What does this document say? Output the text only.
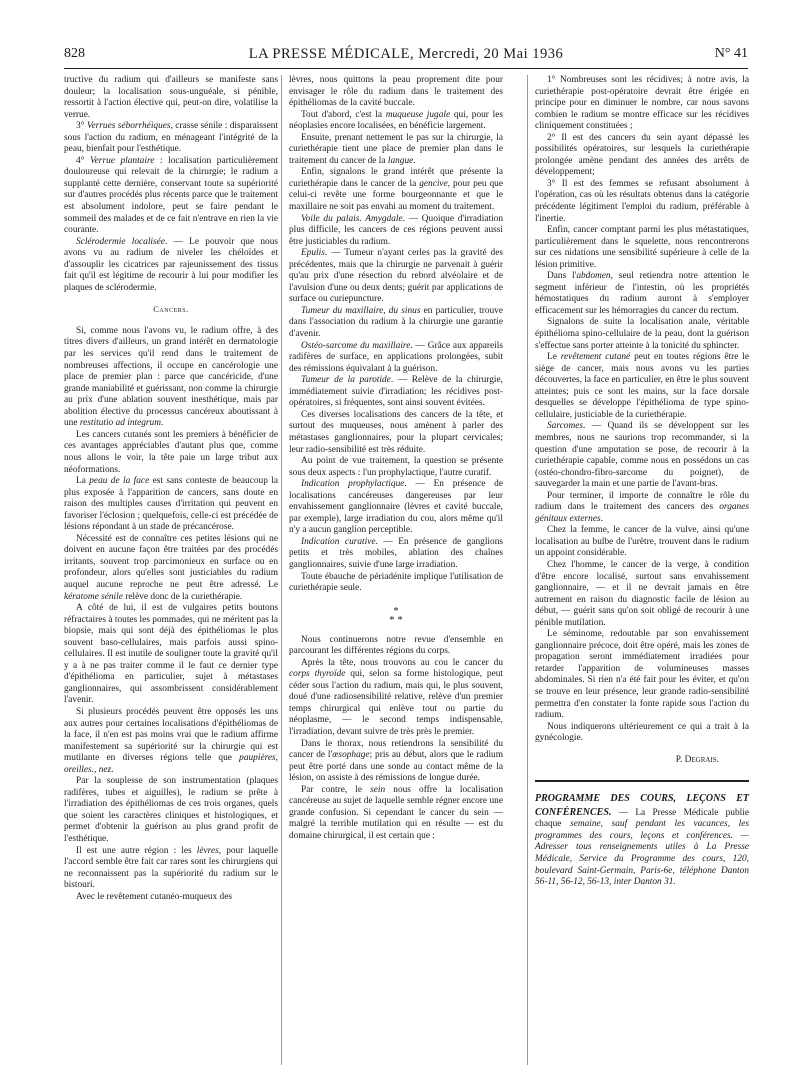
828	LA PRESSE MÉDICALE, Mercredi, 20 Mai 1936	N° 41

tructive du radium qui d'ailleurs se manifeste sans douleur; la localisation sous-unguéale, si pénible, ressortit à l'action élective qui, peut-on dire, volatilise la verrue.

3° Verrues séborrhéiques, crasse sénile : disparaissent sous l'action du radium, en ménageant l'intégrité de la peau, bienfait pour l'esthétique.

4° Verrue plantaire : localisation particulièrement douloureuse qui relevait de la chirurgie; le radium a supplanté cette dernière, conservant toute sa supériorité sur d'autres procédés plus récents parce que le traitement est absolument indolore, peut se faire pendant le sommeil des malades et de ce fait n'entrave en rien la vie courante.

Sclérodermie localisée. — Le pouvoir que nous avons vu au radium de niveler les chéloïdes et d'assouplir les cicatrices par rajeunissement des tissus fait qu'il est légitime de recourir à lui pour modifier les plaques de sclérodermie.

Cancers.

Si, comme nous l'avons vu, le radium offre, à des titres divers d'ailleurs, un grand intérêt en dermatologie par les services qu'il rend dans le traitement de nombreuses affections, il occupe en cancérologie une place de premier plan : parce que cancéricide, d'une grande maniabilité et guérissant, non comme la chirurgie au prix d'une ablation souvent inesthétique, mais par abolition élective du processus cancéreux aboutissant à une restitutio ad integrum.

Les cancers cutanés sont les premiers à bénéficier de ces avantages appréciables d'autant plus que, comme nous allons le voir, la tête paie un large tribut aux néoformations.

La peau de la face est sans conteste de beaucoup la plus exposée à l'apparition de cancers, sans doute en raison des multiples causes d'irritation qui peuvent en favoriser l'éclosion ; quelquefois, celle-ci est précédée de lésions répondant à un stade de précancérose.

Nécessité est de connaître ces petites lésions qui ne doivent en aucune façon être traitées par des procédés irritants, souvent trop parcimonieux en surface ou en profondeur, alors qu'elles sont justiciables du radium auquel aucune reproche ne peut être adressé. Le kératome sénile relève donc de la curiethérapie.

A côté de lui, il est de vulgaires petits boutons réfractaires à toutes les pommades, qui ne méritent pas la biopsie, mais qui sont déjà des épithéliomas le plus souvent baso-cellulaires, mais parfois aussi spino-cellulaires. Il est inutile de souligner toute la gravité qu'il y a à ne pas traiter comme il le faut ce dernier type d'épithélioma en particulier, sujet à métastases ganglionnaires, qui assombrissent considérablement l'avenir.

Si plusieurs procédés peuvent être opposés les uns aux autres pour certaines localisations d'épithéliomas de la face, il n'en est pas moins vrai que le radium affirme manifestement sa supériorité sur la chirurgie qui est mutilante en diverses régions telle que paupières, oreilles., nez.

Par la souplesse de son instrumentation (plaques radifères, tubes et aiguilles), le radium se prête à l'irradiation des épithéliomas de ces trois organes, quels que soient les caractères cliniques et histologiques, et permet d'obtenir la guérison au plus grand profit de l'esthétique.

Il est une autre région : les lèvres, pour laquelle l'accord semble être fait car rares sont les chirurgiens qui ne reconnaissent pas la supériorité du radium sur le bistouri.

Avec le revêtement cutanéo-muqueux des

lèvres, nous quittons la peau proprement dite pour envisager le rôle du radium dans le traitement des épithéliomas de la cavité buccale.

Tout d'abord, c'est la muqueuse jugale qui, pour les néoplasies encore localisées, en bénéficie largement.

Ensuite, prenant nettement le pas sur la chirurgie, la curiethérapie tient une place de premier plan dans le traitement du cancer de la langue.

Enfin, signalons le grand intérêt que présente la curiethérapie dans le cancer de la gencive, pour peu que celui-ci revête une forme bourgeonnante et que le maxillaire ne soit pas envahi au moment du traitement.

Voile du palais. Amygdale. — Quoique d'irradiation plus difficile, les cancers de ces régions peuvent aussi être justiciables du radium.

Epulis. — Tumeur n'ayant cerles pas la gravité des précédentes, mais que la chirurgie ne parvenait à guérir qu'au prix d'une résection du rebord alvéolaire et de l'avulsion d'une ou deux dents; guérit par applications de surface ou curiepuncture.

Tumeur du maxillaire, du sinus en particulier, trouve dans l'association du radium à la chirurgie une garantie d'avenir.

Ostéo-sarcome du maxillaire. — Grâce aux appareils radifères de surface, en applications prolongées, subit des rémissions équivalant à la guérison.

Tumeur de la parotide. — Relève de la chirurgie, immédiatement suivie d'irradiation; les récidives post-opératoires, si fréquentes, sont ainsi souvent évitées.

Ces diverses localisations des cancers de la tête, et surtout des muqueuses, nous amènent à parler des métastases ganglionnaires, pour la plupart cervicales; leur radio-sensibilité est très réduite.

Au point de vue traitement, la question se présente sous deux aspects : l'un prophylactique, l'autre curatif.

Indication prophylactique. — En présence de localisations cancéreuses dangereuses par leur envahissement ganglionnaire (lèvres et cavité buccale, par exemple), large irradiation du cou, alors même qu'il n'y a aucun ganglion perceptible.

Indication curative. — En présence de ganglions petits et très mobiles, ablation des chaînes ganglionnaires, suivie d'une large irradiation.

Toute ébauche de périadénite implique l'utilisation de curiethérapie seule.

*
* *

Nous continuerons notre revue d'ensemble en parcourant les différentes régions du corps.

Après la tête, nous trouvons au cou le cancer du corps thyroïde qui, selon sa forme histologique, peut céder sous l'action du radium, mais qui, le plus souvent, doué d'une radiosensibilité relative, relève d'un premier temps chirurgical qui enlève tout ou partie du néoplasme, — le second temps indispensable, l'irradiation, devant suivre de très près le premier.

Dans le thorax, nous retiendrons la sensibilité du cancer de l'œsophage; pris au début, alors que le radium peut être porté dans une sonde au contact même de la lésion, on assiste à des rémissions de longue durée.

Par contre, le sein nous offre la localisation cancéreuse au sujet de laquelle semble régner encore une grande confusion. Si cependant le cancer du sein — malgré la terrible mutilation qui en résulte — est du domaine chirurgical, il est certain que :

1° Nombreuses sont les récidives; à notre avis, la curiethérapie post-opératoire devrait être érigée en principe pour en diminuer le nombre, car nous savons combien le radium se montre efficace sur les récidives cliniquement constituées ;

2° Il est des cancers du sein ayant dépassé les possibilités opératoires, sur lesquels la curiethérapie prolongée amène pendant des années des arrêts de développement;

3° Il est des femmes se refusant absolument à l'opération, cas où les résultats obtenus dans la catégorie précédente légitiment l'emploi du radium, préférable à l'inertie.

Enfin, cancer comptant parmi les plus métastatiques, particulièrement dans le squelette, nous rencontrerons sur ces nidations une sensibilité supérieure à celle de la lésion primitive.

Dans l'abdomen, seul retiendra notre attention le segment inférieur de l'intestin, où les propriétés hémostatiques du radium auront à s'employer efficacement sur les hémorragies du cancer du rectum.

Signalons de suite la localisation anale, véritable épithélioma spino-cellulaire de la peau, dont la guérison s'effectue sans porter atteinte à la tonicité du sphincter.

Le revêtement cutané peut en toutes régions être le siège de cancer, mais nous avons vu les parties découvertes, la face en particulier, en être le plus souvent atteintes; puis ce sont les mains, sur la face dorsale desquelles se développe l'épithélioma de type spino-cellulaire, justiciable de la curiethérapie.

Sarcomes. — Quand ils se développent sur les membres, nous ne saurions trop recommander, si la question d'une amputation se pose, de recourir à la curiethérapie capable, comme nous en possédons un cas (ostéo-chondro-fibro-sarcome du poignet), de sauvegarder la main et une partie de l'avant-bras.

Pour terminer, il importe de connaître le rôle du radium dans le traitement des cancers des organes génitaux externes.

Chez la femme, le cancer de la vulve, ainsi qu'une localisation au bulbe de l'urètre, trouvent dans le radium un appoint considérable.

Chez l'homme, le cancer de la verge, à condition d'être encore localisé, surtout sans envahissement ganglionnaire, — et il ne devrait jamais en être autrement en raison du diagnostic facile de lésion au début, — guérit sans qu'on soit obligé de recourir à une pénible mutilation.

Le séminome, redoutable par son envahissement ganglionnaire précoce, doit être opéré, mais les zones de propagation seront immédiatement irradiées pour retarder l'apparition de volumineuses masses abdominales. Si rien n'a été fait pour les éviter, et qu'on se trouve en leur présence, leur grande radio-sensibilité permettra d'en constater la fonte rapide sous l'action du radium.

Nous indiquerons ultérieurement ce qui a trait à la gynécologie.

P. Degrais.
PROGRAMME DES COURS, LEÇONS ET CONFÉRENCES. — La Presse Médicale publie chaque semaine, sauf pendant les vacances, les programmes des cours, leçons et conférences. — Adresser tous renseignements utiles à La Presse Médicale, Service du Programme des cours, 120, boulevard Saint-Germain, Paris-6e, téléphone Danton 56-11, 56-12, 56-13, inter Danton 31.
